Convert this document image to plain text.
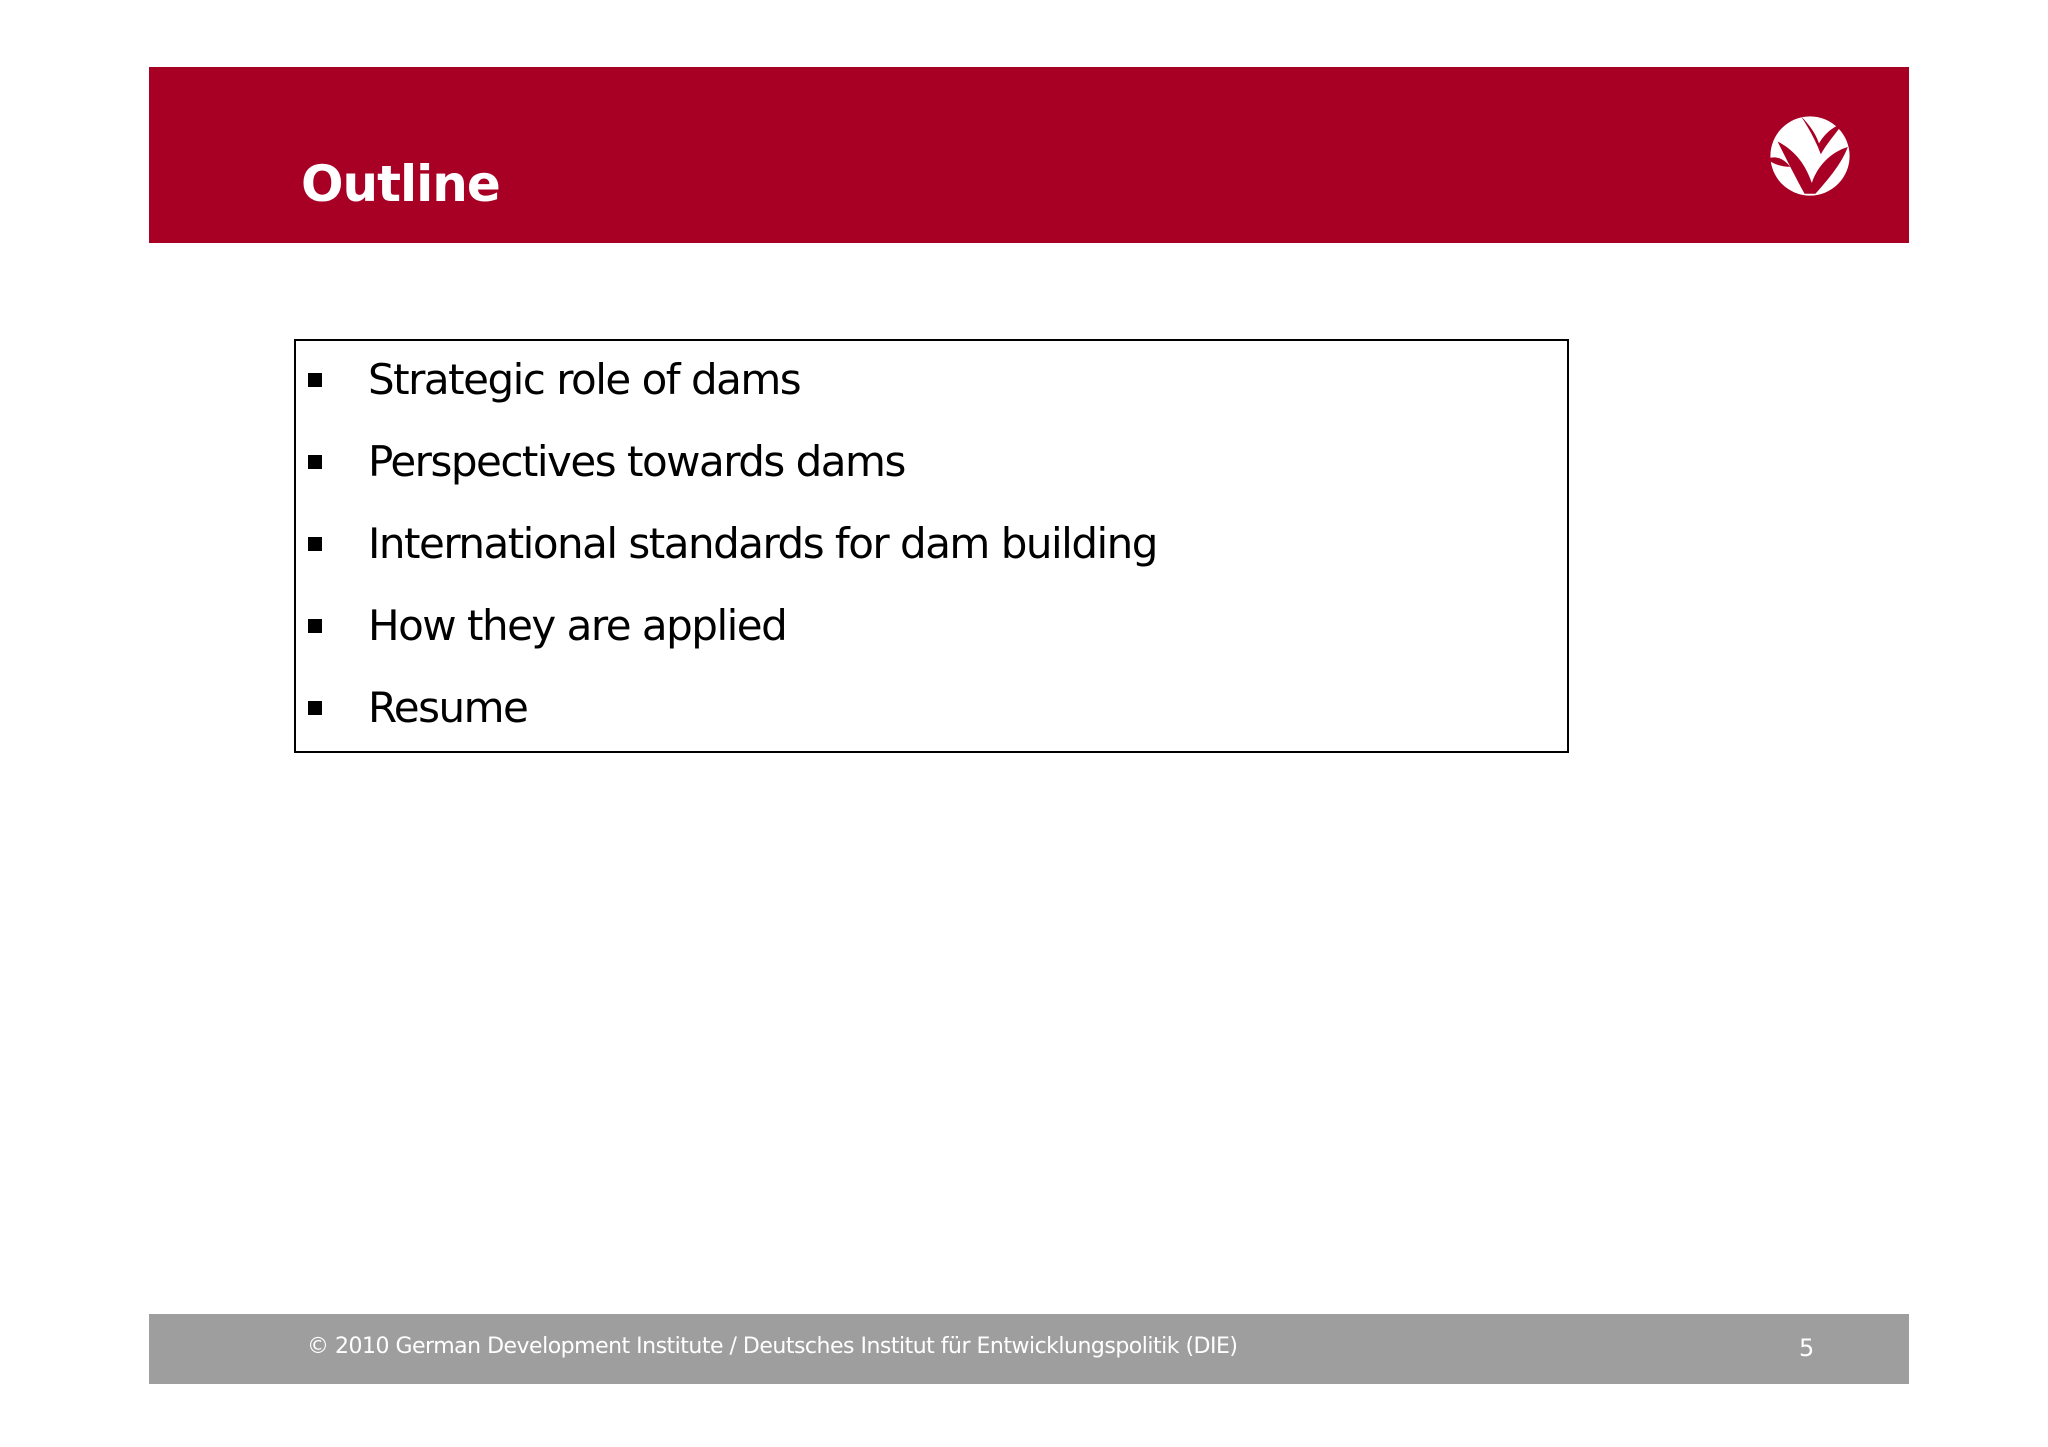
Outline
Strategic role of dams
Perspectives towards dams
International standards for dam building
How they are applied
Resume
© 2010 German Development Institute / Deutsches Institut für Entwicklungspolitik (DIE)	5
